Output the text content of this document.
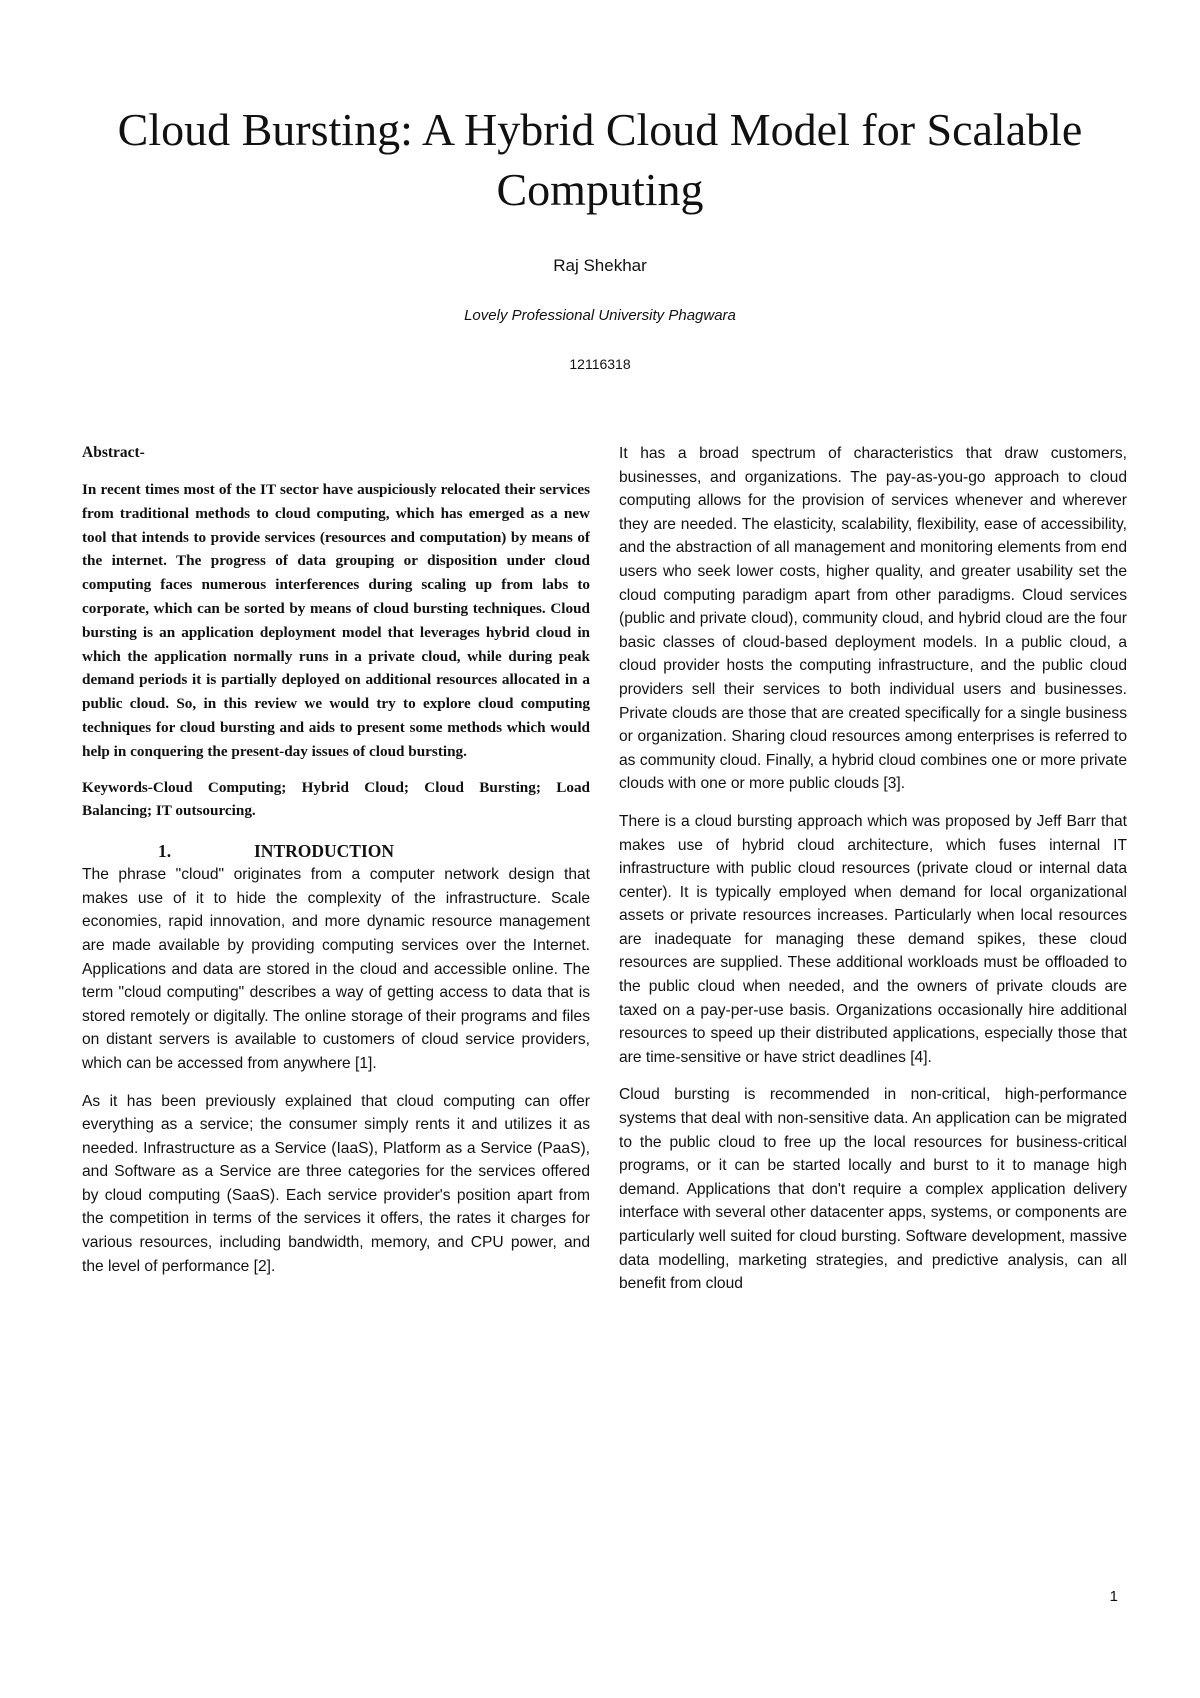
Cloud Bursting: A Hybrid Cloud Model for Scalable Computing
Raj Shekhar
Lovely Professional University Phagwara
12116318

Abstract-

In recent times most of the IT sector have auspiciously relocated their services from traditional methods to cloud computing, which has emerged as a new tool that intends to provide services (resources and computation) by means of the internet. The progress of data grouping or disposition under cloud computing faces numerous interferences during scaling up from labs to corporate, which can be sorted by means of cloud bursting techniques. Cloud bursting is an application deployment model that leverages hybrid cloud in which the application normally runs in a private cloud, while during peak demand periods it is partially deployed on additional resources allocated in a public cloud. So, in this review we would try to explore cloud computing techniques for cloud bursting and aids to present some methods which would help in conquering the present-day issues of cloud bursting.

Keywords-Cloud Computing; Hybrid Cloud; Cloud Bursting; Load Balancing; IT outsourcing.

1.	INTRODUCTION

The phrase "cloud" originates from a computer network design that makes use of it to hide the complexity of the infrastructure. Scale economies, rapid innovation, and more dynamic resource management are made available by providing computing services over the Internet. Applications and data are stored in the cloud and accessible online. The term "cloud computing" describes a way of getting access to data that is stored remotely or digitally. The online storage of their programs and files on distant servers is available to customers of cloud service providers, which can be accessed from anywhere [1].

As it has been previously explained that cloud computing can offer everything as a service; the consumer simply rents it and utilizes it as needed. Infrastructure as a Service (IaaS), Platform as a Service (PaaS), and Software as a Service are three categories for the services offered by cloud computing (SaaS). Each service provider's position apart from the competition in terms of the services it offers, the rates it charges for various resources, including bandwidth, memory, and CPU power, and the level of performance [2].

It has a broad spectrum of characteristics that draw customers, businesses, and organizations. The pay-as-you-go approach to cloud computing allows for the provision of services whenever and wherever they are needed. The elasticity, scalability, flexibility, ease of accessibility, and the abstraction of all management and monitoring elements from end users who seek lower costs, higher quality, and greater usability set the cloud computing paradigm apart from other paradigms. Cloud services (public and private cloud), community cloud, and hybrid cloud are the four basic classes of cloud-based deployment models. In a public cloud, a cloud provider hosts the computing infrastructure, and the public cloud providers sell their services to both individual users and businesses. Private clouds are those that are created specifically for a single business or organization. Sharing cloud resources among enterprises is referred to as community cloud. Finally, a hybrid cloud combines one or more private clouds with one or more public clouds [3].

There is a cloud bursting approach which was proposed by Jeff Barr that makes use of hybrid cloud architecture, which fuses internal IT infrastructure with public cloud resources (private cloud or internal data center). It is typically employed when demand for local organizational assets or private resources increases. Particularly when local resources are inadequate for managing these demand spikes, these cloud resources are supplied. These additional workloads must be offloaded to the public cloud when needed, and the owners of private clouds are taxed on a pay-per-use basis. Organizations occasionally hire additional resources to speed up their distributed applications, especially those that are time-sensitive or have strict deadlines [4].

Cloud bursting is recommended in non-critical, high-performance systems that deal with non-sensitive data. An application can be migrated to the public cloud to free up the local resources for business-critical programs, or it can be started locally and burst to it to manage high demand. Applications that don't require a complex application delivery interface with several other datacenter apps, systems, or components are particularly well suited for cloud bursting. Software development, massive data modelling, marketing strategies, and predictive analysis, can all benefit from cloud

1
